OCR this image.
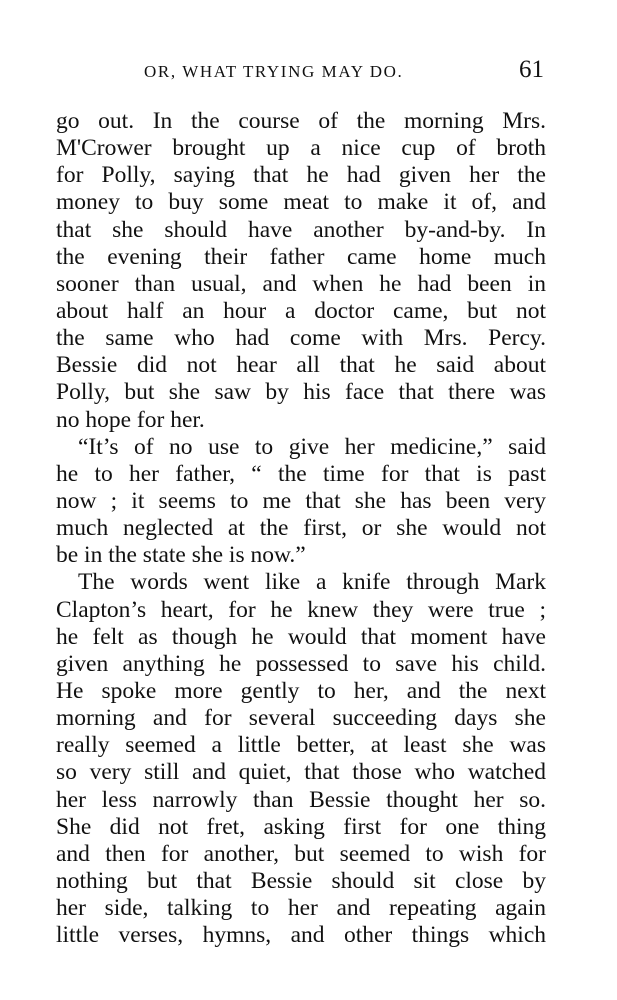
OR, WHAT TRYING MAY DO.	61
go out. In the course of the morning Mrs.
M'Crower brought up a nice cup of broth
for Polly, saying that he had given her the
money to buy some meat to make it of, and
that she should have another by-and-by. In
the evening their father came home much
sooner than usual, and when he had been in
about half an hour a doctor came, but not
the same who had come with Mrs. Percy.
Bessie did not hear all that he said about
Polly, but she saw by his face that there was
no hope for her.
“It’s of no use to give her medicine,” said
he to her father, “ the time for that is past
now ; it seems to me that she has been very
much neglected at the first, or she would not
be in the state she is now.”
The words went like a knife through Mark
Clapton’s heart, for he knew they were true ;
he felt as though he would that moment have
given anything he possessed to save his child.
He spoke more gently to her, and the next
morning and for several succeeding days she
really seemed a little better, at least she was
so very still and quiet, that those who watched
her less narrowly than Bessie thought her so.
She did not fret, asking first for one thing
and then for another, but seemed to wish for
nothing but that Bessie should sit close by
her side, talking to her and repeating again
little verses, hymns, and other things which
